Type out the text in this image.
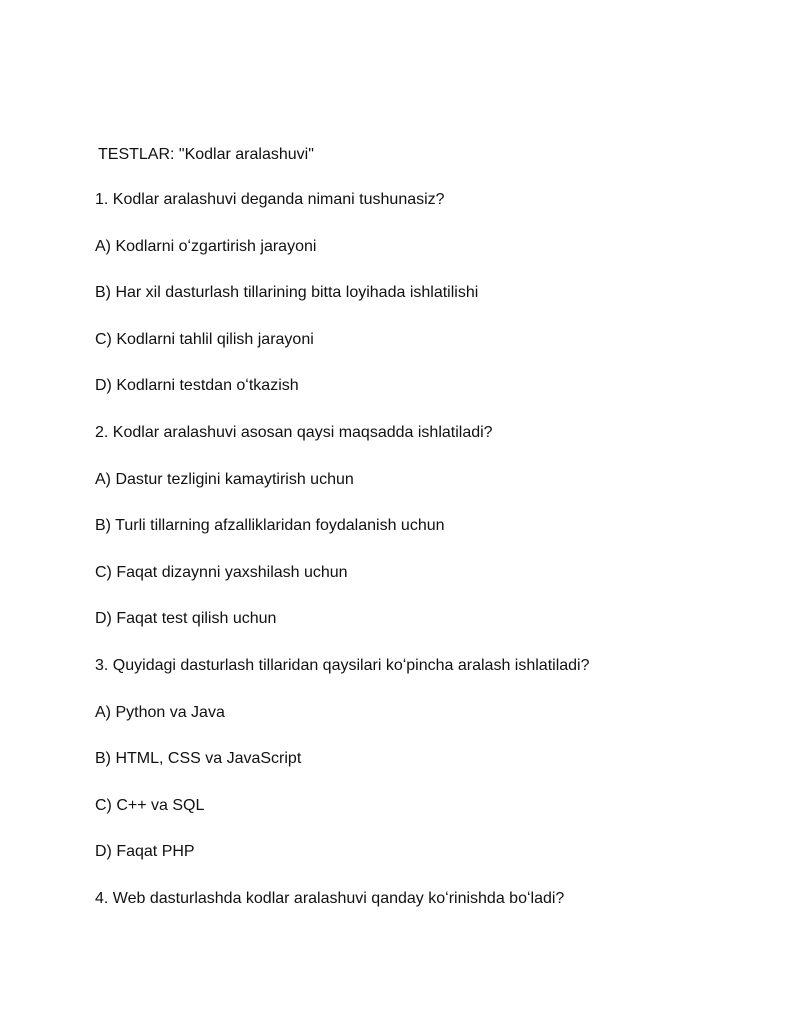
TESTLAR: "Kodlar aralashuvi"
1. Kodlar aralashuvi deganda nimani tushunasiz?
A) Kodlarni oʻzgartirish jarayoni
B) Har xil dasturlash tillarining bitta loyihada ishlatilishi
C) Kodlarni tahlil qilish jarayoni
D) Kodlarni testdan oʻtkazish
2. Kodlar aralashuvi asosan qaysi maqsadda ishlatiladi?
A) Dastur tezligini kamaytirish uchun
B) Turli tillarning afzalliklaridan foydalanish uchun
C) Faqat dizaynni yaxshilash uchun
D) Faqat test qilish uchun
3. Quyidagi dasturlash tillaridan qaysilari koʻpincha aralash ishlatiladi?
A) Python va Java
B) HTML, CSS va JavaScript
C) C++ va SQL
D) Faqat PHP
4. Web dasturlashda kodlar aralashuvi qanday koʻrinishda boʻladi?
